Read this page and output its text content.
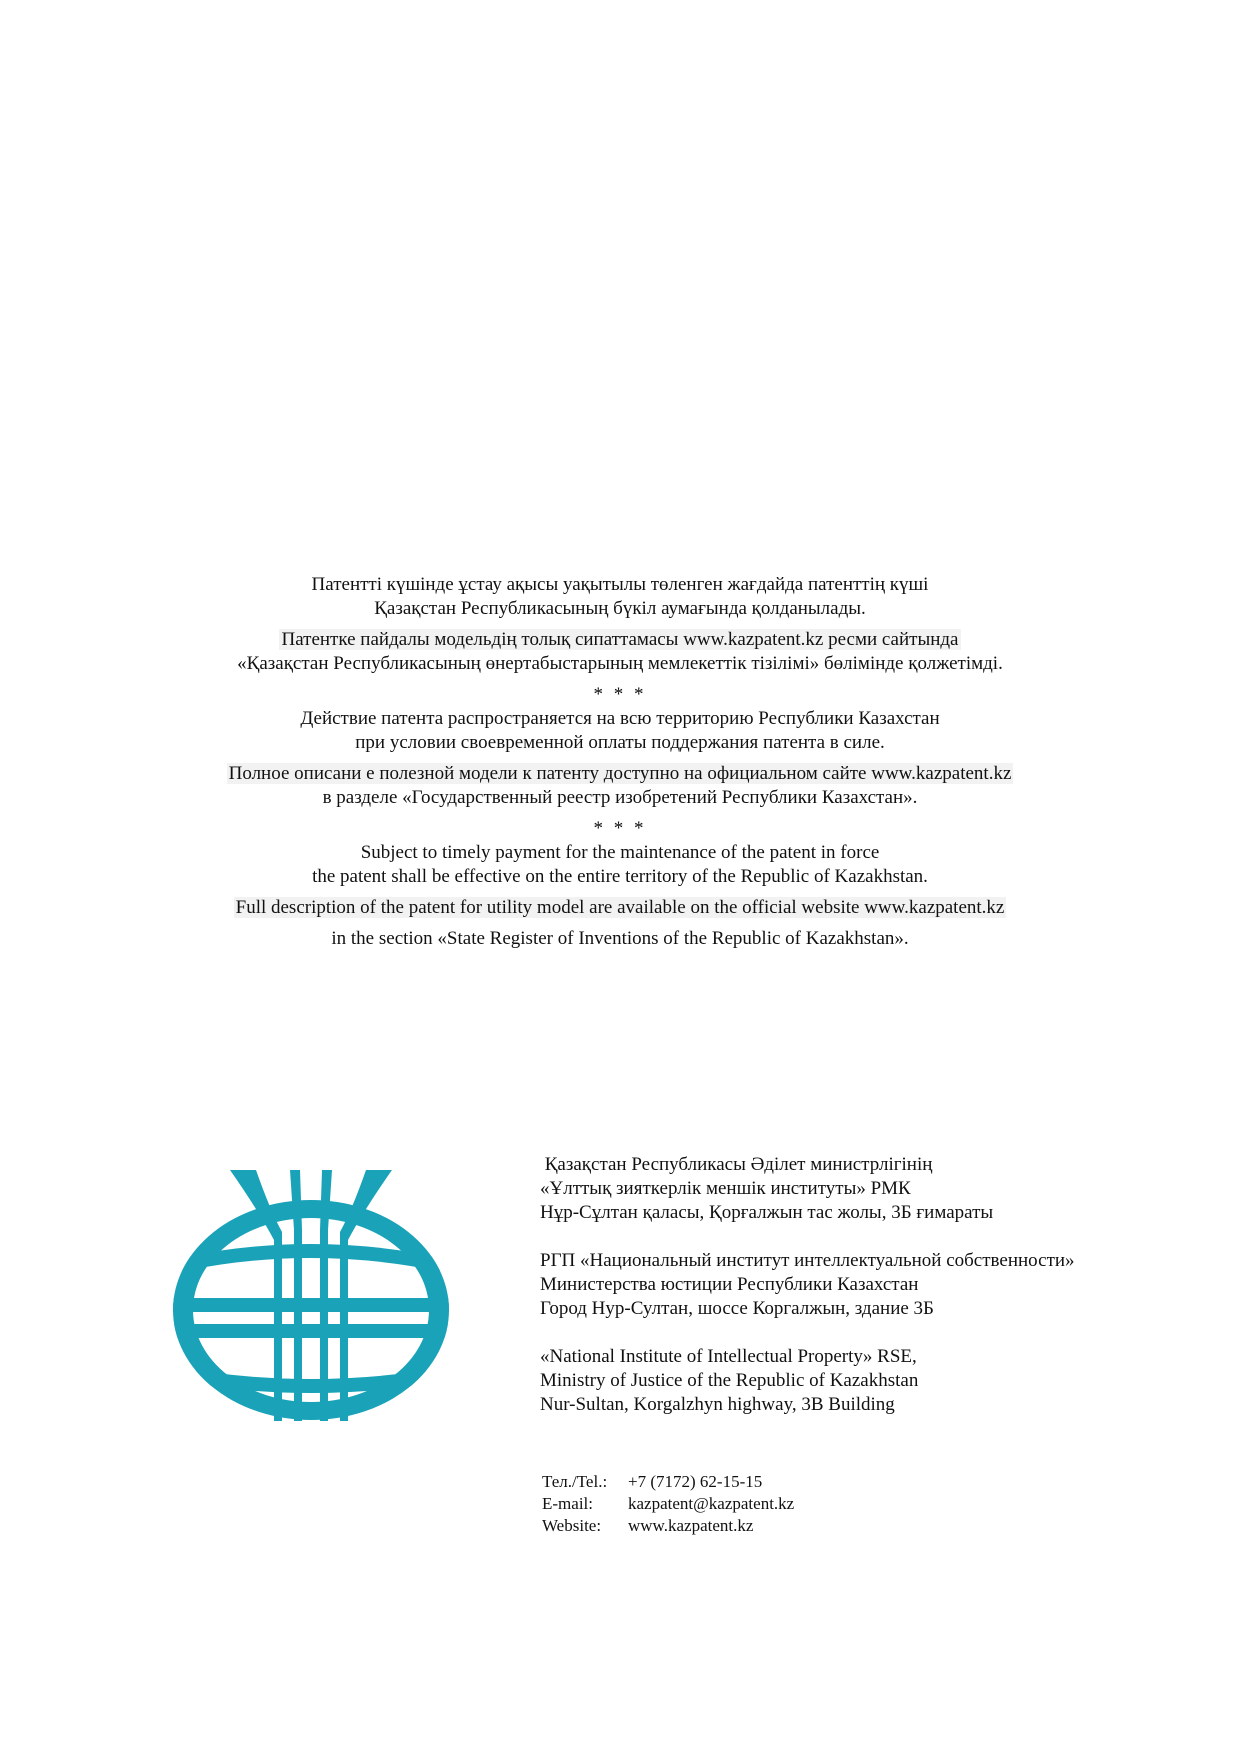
Патентті күшінде ұстау ақысы уақытылы төленген жағдайда патенттің күші
Қазақстан Республикасының бүкіл аумағында қолданылады.
Патентке пайдалы модельдің толық сипаттамасы www.kazpatent.kz ресми сайтында
«Қазақстан Республикасының өнертабыстарының мемлекеттік тізілімі» бөлімінде қолжетімді.
* * *
Действие патента распространяется на всю территорию Республики Казахстан
при условии своевременной оплаты поддержания патента в силе.
Полное описани е полезной модели к патенту доступно на официальном сайте www.kazpatent.kz
в разделе «Государственный реестр изобретений Республики Казахстан».
* * *
Subject to timely payment for the maintenance of the patent in force
the patent shall be effective on the entire territory of the Republic of Kazakhstan.
Full description of the patent for utility model are available on the official website www.kazpatent.kz
in the section «State Register of Inventions of the Republic of Kazakhstan».
Қазақстан Республикасы Әділет министрлігінің
«Ұлттық зияткерлік меншік институты» РМК
Нұр-Сұлтан қаласы, Қорғалжын тас жолы, 3Б ғимараты
РГП «Национальный институт интеллектуальной собственности»
Министерства юстиции Республики Казахстан
Город Нур-Султан, шоссе Коргалжын, здание 3Б
«National Institute of Intellectual Property» RSE,
Ministry of Justice of the Republic of Kazakhstan
Nur-Sultan, Korgalzhyn highway, 3B Building
Тел./Tel.: +7 (7172) 62-15-15
E-mail: kazpatent@kazpatent.kz
Website: www.kazpatent.kz
